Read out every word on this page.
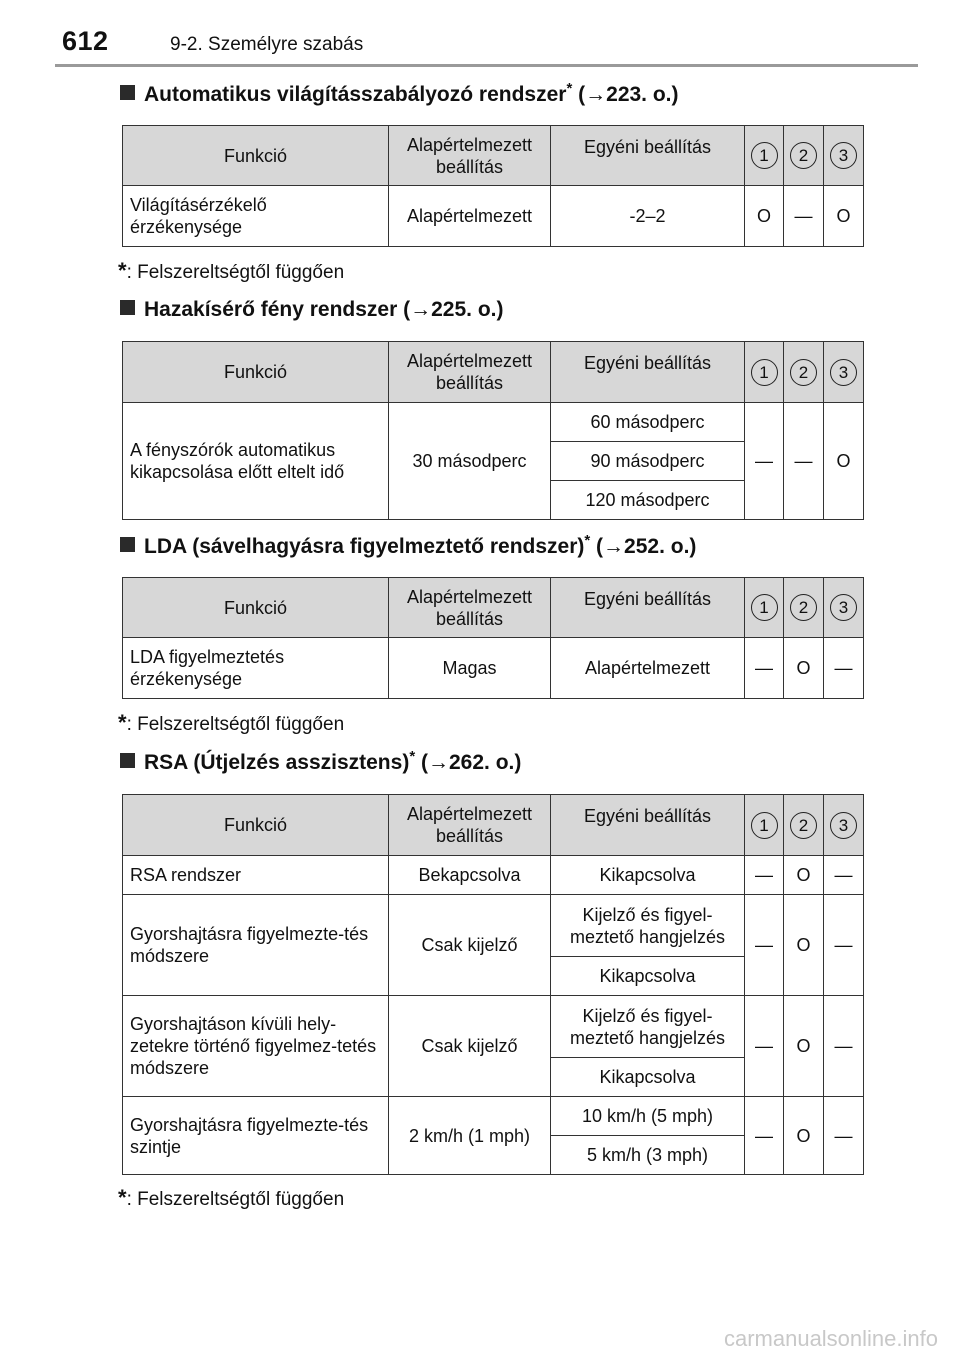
612	9-2. Személyre szabás
Automatikus világításszabályozó rendszer* (→223. o.)
Funkció	Alapértelmezett beállítás	Egyéni beállítás	1	2	3
Világításérzékelő érzékenysége	Alapértelmezett	-2–2	O	—	O
*: Felszereltségtől függően
Hazakísérő fény rendszer (→225. o.)
Funkció	Alapértelmezett beállítás	Egyéni beállítás	1	2	3
A fényszórók automatikus kikapcsolása előtt eltelt idő	30 másodperc	60 másodperc	—	—	O
		90 másodperc			
		120 másodperc			
LDA (sávelhagyásra figyelmeztető rendszer)* (→252. o.)
Funkció	Alapértelmezett beállítás	Egyéni beállítás	1	2	3
LDA figyelmeztetés érzékenysége	Magas	Alapértelmezett	—	O	—
*: Felszereltségtől függően
RSA (Útjelzés asszisztens)* (→262. o.)
Funkció	Alapértelmezett beállítás	Egyéni beállítás	1	2	3
RSA rendszer	Bekapcsolva	Kikapcsolva	—	O	—
Gyorshajtásra figyelmezte-tés módszere	Csak kijelző	Kijelző és figyel-meztető hangjelzés	—	O	—
		Kikapcsolva			
Gyorshajtáson kívüli hely-zetekre történő figyelmez-tetés módszere	Csak kijelző	Kijelző és figyel-meztető hangjelzés	—	O	—
		Kikapcsolva			
Gyorshajtásra figyelmezte-tés szintje	2 km/h (1 mph)	10 km/h (5 mph)	—	O	—
		5 km/h (3 mph)			
*: Felszereltségtől függően
carmanualsonline.info
